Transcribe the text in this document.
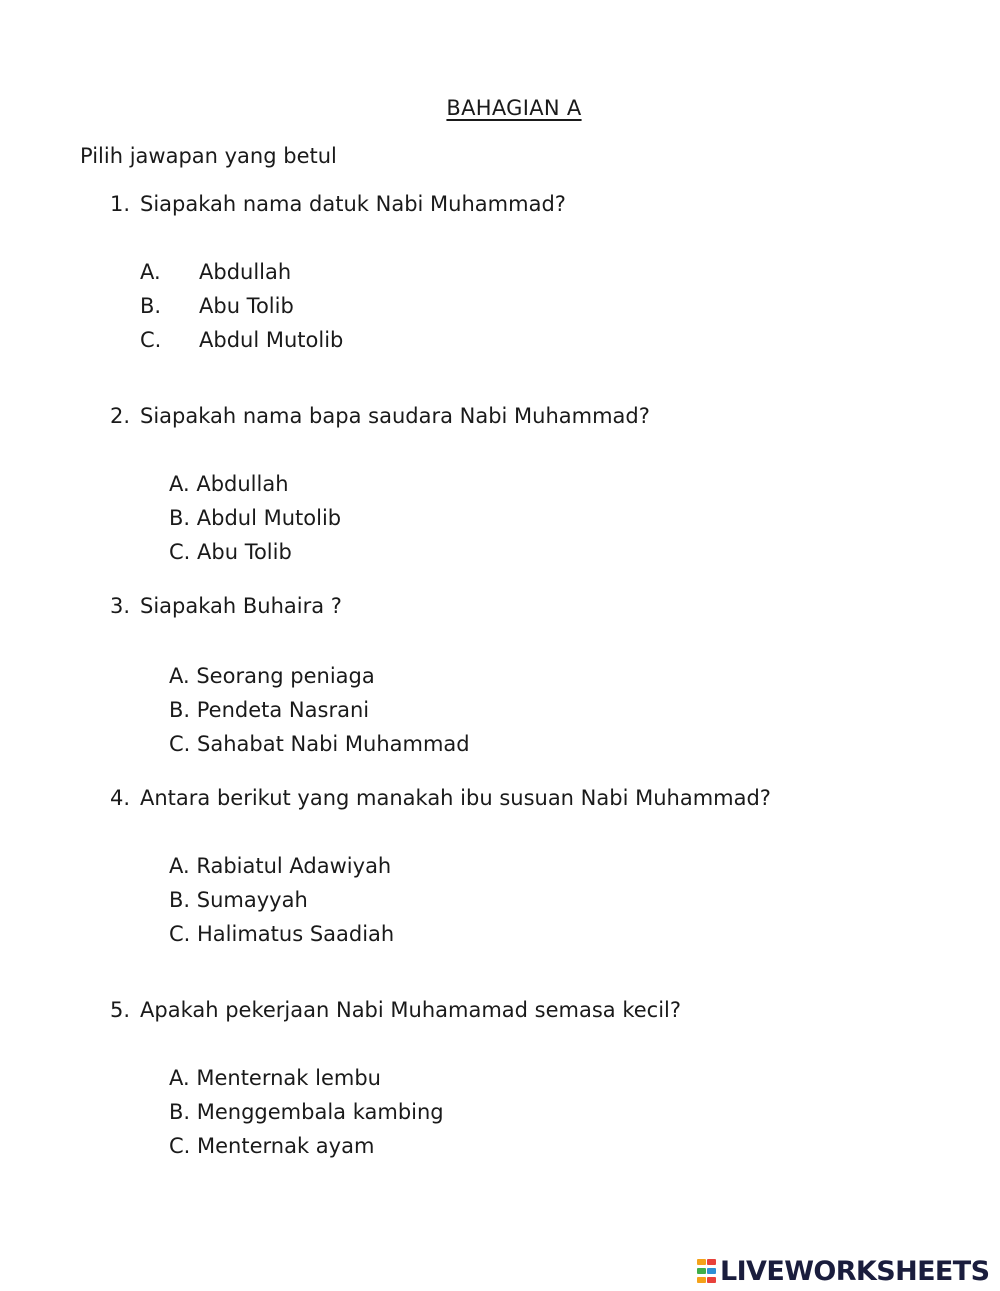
BAHAGIAN A
Pilih jawapan yang betul
1. Siapakah nama datuk Nabi Muhammad?
A. Abdullah
B. Abu Tolib
C. Abdul Mutolib
2. Siapakah nama bapa saudara Nabi Muhammad?
A. Abdullah
B. Abdul Mutolib
C. Abu Tolib
3. Siapakah Buhaira ?
A. Seorang peniaga
B. Pendeta Nasrani
C. Sahabat Nabi Muhammad
4. Antara berikut yang manakah ibu susuan Nabi Muhammad?
A. Rabiatul Adawiyah
B. Sumayyah
C. Halimatus Saadiah
5. Apakah pekerjaan Nabi Muhamamad semasa kecil?
A. Menternak lembu
B. Menggembala kambing
C. Menternak ayam
LIVEWORKSHEETS
